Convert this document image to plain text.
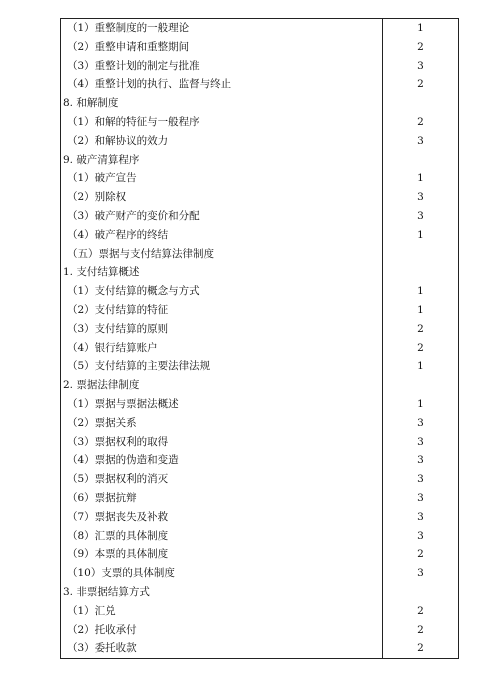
（1）重整制度的一般理论	1
（2）重整申请和重整期间	2
（3）重整计划的制定与批准	3
（4）重整计划的执行、监督与终止	2
8. 和解制度	
（1）和解的特征与一般程序	2
（2）和解协议的效力	3
9. 破产清算程序	
（1）破产宣告	1
（2）别除权	3
（3）破产财产的变价和分配	3
（4）破产程序的终结	1
（五）票据与支付结算法律制度	
1. 支付结算概述	
（1）支付结算的概念与方式	1
（2）支付结算的特征	1
（3）支付结算的原则	2
（4）银行结算账户	2
（5）支付结算的主要法律法规	1
2. 票据法律制度	
（1）票据与票据法概述	1
（2）票据关系	3
（3）票据权利的取得	3
（4）票据的伪造和变造	3
（5）票据权利的消灭	3
（6）票据抗辩	3
（7）票据丧失及补救	3
（8）汇票的具体制度	3
（9）本票的具体制度	2
（10）支票的具体制度	3
3. 非票据结算方式	
（1）汇兑	2
（2）托收承付	2
（3）委托收款	2
